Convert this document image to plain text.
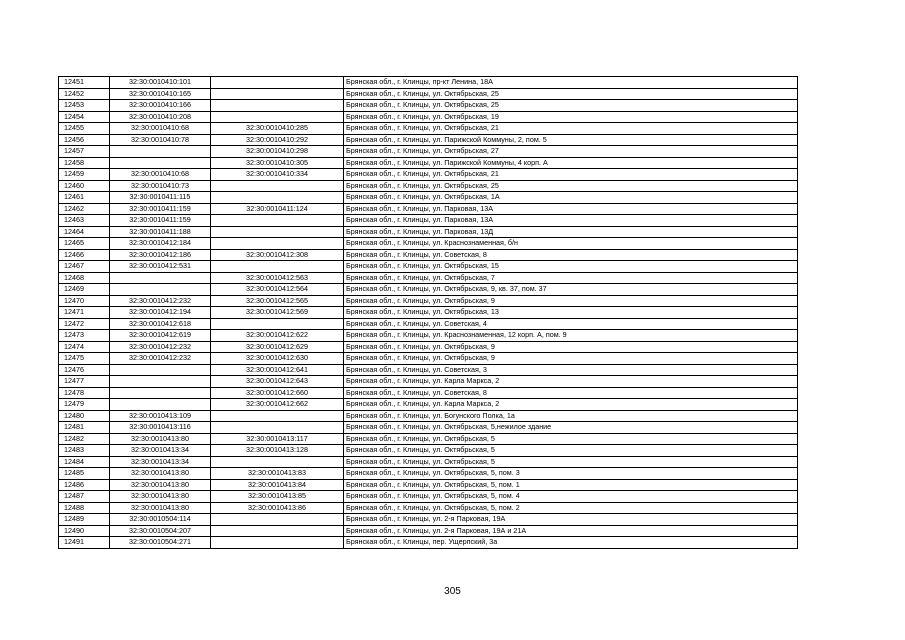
12451	32:30:0010410:101		Брянская обл., г. Клинцы, пр-кт Ленина, 18А
12452	32:30:0010410:165		Брянская обл., г. Клинцы, ул. Октябрьская, 25
12453	32:30:0010410:166		Брянская обл., г. Клинцы, ул. Октябрьская, 25
12454	32:30:0010410:208		Брянская обл., г. Клинцы, ул. Октябрьская, 19
12455	32:30:0010410:68	32:30:0010410:285	Брянская обл., г. Клинцы, ул. Октябрьская, 21
12456	32:30:0010410:78	32:30:0010410:292	Брянская обл., г. Клинцы, ул. Парижской Коммуны, 2, пом. 5
12457		32:30:0010410:298	Брянская обл., г. Клинцы, ул. Октябрьская, 27
12458		32:30:0010410:305	Брянская обл., г. Клинцы, ул. Парижской Коммуны, 4 корп. А
12459	32:30:0010410:68	32:30:0010410:334	Брянская обл., г. Клинцы, ул. Октябрьская, 21
12460	32:30:0010410:73		Брянская обл., г. Клинцы, ул. Октябрьская, 25
12461	32:30:0010411:115		Брянская обл., г. Клинцы, ул. Октябрьская, 1А
12462	32:30:0010411:159	32:30:0010411:124	Брянская обл., г. Клинцы, ул. Парковая, 13А
12463	32:30:0010411:159		Брянская обл., г. Клинцы, ул. Парковая, 13А
12464	32:30:0010411:188		Брянская обл., г. Клинцы, ул. Парковая, 13Д
12465	32:30:0010412:184		Брянская обл., г. Клинцы, ул. Краснознаменная, б/н
12466	32:30:0010412:186	32:30:0010412:308	Брянская обл., г. Клинцы, ул. Советская, 8
12467	32:30:0010412:531		Брянская обл., г. Клинцы, ул. Октябрьская, 15
12468		32:30:0010412:563	Брянская обл., г. Клинцы, ул. Октябрьская, 7
12469		32:30:0010412:564	Брянская обл., г. Клинцы, ул. Октябрьская, 9, кв. 37, пом. 37
12470	32:30:0010412:232	32:30:0010412:565	Брянская обл., г. Клинцы, ул. Октябрьская, 9
12471	32:30:0010412:194	32:30:0010412:569	Брянская обл., г. Клинцы, ул. Октябрьская, 13
12472	32:30:0010412:618		Брянская обл., г. Клинцы, ул. Советская, 4
12473	32:30:0010412:619	32:30:0010412:622	Брянская обл., г. Клинцы, ул. Краснознаменная, 12 корп. А, пом. 9
12474	32:30:0010412:232	32:30:0010412:629	Брянская обл., г. Клинцы, ул. Октябрьская, 9
12475	32:30:0010412:232	32:30:0010412:630	Брянская обл., г. Клинцы, ул. Октябрьская, 9
12476		32:30:0010412:641	Брянская обл., г. Клинцы, ул. Советская, 3
12477		32:30:0010412:643	Брянская обл., г. Клинцы, ул. Карла Маркса, 2
12478		32:30:0010412:660	Брянская обл., г. Клинцы, ул. Советская, 8
12479		32:30:0010412:662	Брянская обл., г. Клинцы, ул. Карла Маркса, 2
12480	32:30:0010413:109		Брянская обл., г. Клинцы, ул. Богунского Полка, 1а
12481	32:30:0010413:116		Брянская обл., г. Клинцы, ул. Октябрьская, 5,нежилое здание
12482	32:30:0010413:80	32:30:0010413:117	Брянская обл., г. Клинцы, ул. Октябрьская, 5
12483	32:30:0010413:34	32:30:0010413:128	Брянская обл., г. Клинцы, ул. Октябрьская, 5
12484	32:30:0010413:34		Брянская обл., г. Клинцы, ул. Октябрьская, 5
12485	32:30:0010413:80	32:30:0010413:83	Брянская обл., г. Клинцы, ул. Октябрьская, 5, пом. 3
12486	32:30:0010413:80	32:30:0010413:84	Брянская обл., г. Клинцы, ул. Октябрьская, 5, пом. 1
12487	32:30:0010413:80	32:30:0010413:85	Брянская обл., г. Клинцы, ул. Октябрьская, 5, пом. 4
12488	32:30:0010413:80	32:30:0010413:86	Брянская обл., г. Клинцы, ул. Октябрьская, 5, пом. 2
12489	32:30:0010504:114		Брянская обл., г. Клинцы, ул. 2-я Парковая, 19А
12490	32:30:0010504:207		Брянская обл., г. Клинцы, ул. 2-я Парковая, 19А и 21А
12491	32:30:0010504:271		Брянская обл., г. Клинцы, пер. Ущерпский, 3а
305
